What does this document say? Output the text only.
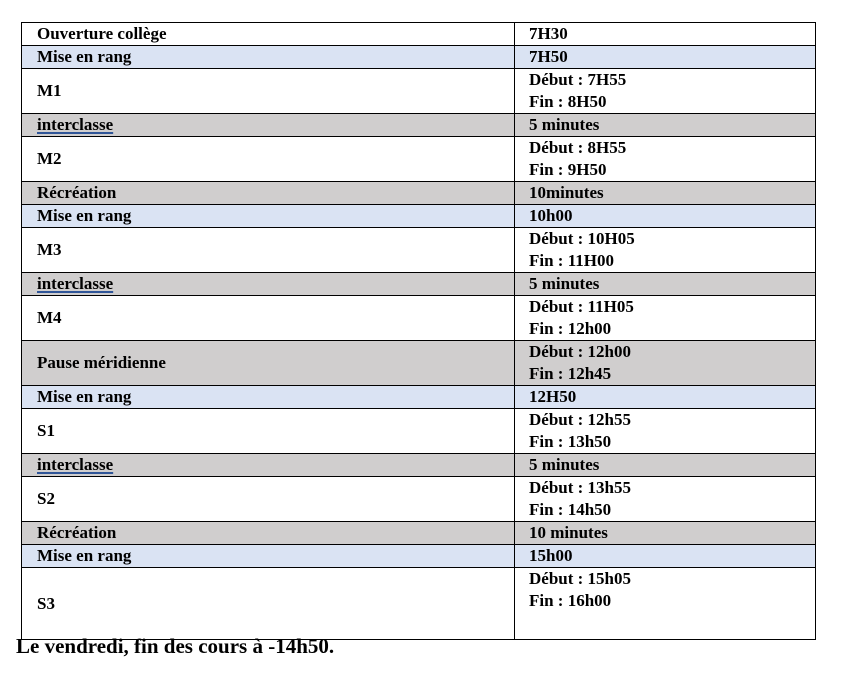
Ouverture collège	7H30

Mise en rang	7H50

M1	Début : 7H55
Fin : 8H50

interclasse	5 minutes

M2	Début : 8H55
Fin : 9H50

Récréation	10minutes

Mise en rang	10h00

M3	Début : 10H05
Fin : 11H00

interclasse	5 minutes

M4	Début : 11H05
Fin : 12h00

Pause méridienne	Début : 12h00
Fin : 12h45

Mise en rang	12H50

S1	Début : 12h55
Fin : 13h50

interclasse	5 minutes

S2	Début : 13h55
Fin : 14h50

Récréation	10 minutes

Mise en rang	15h00

S3	Début : 15h05
Fin : 16h00
Le vendredi, fin des cours à -14h50.
